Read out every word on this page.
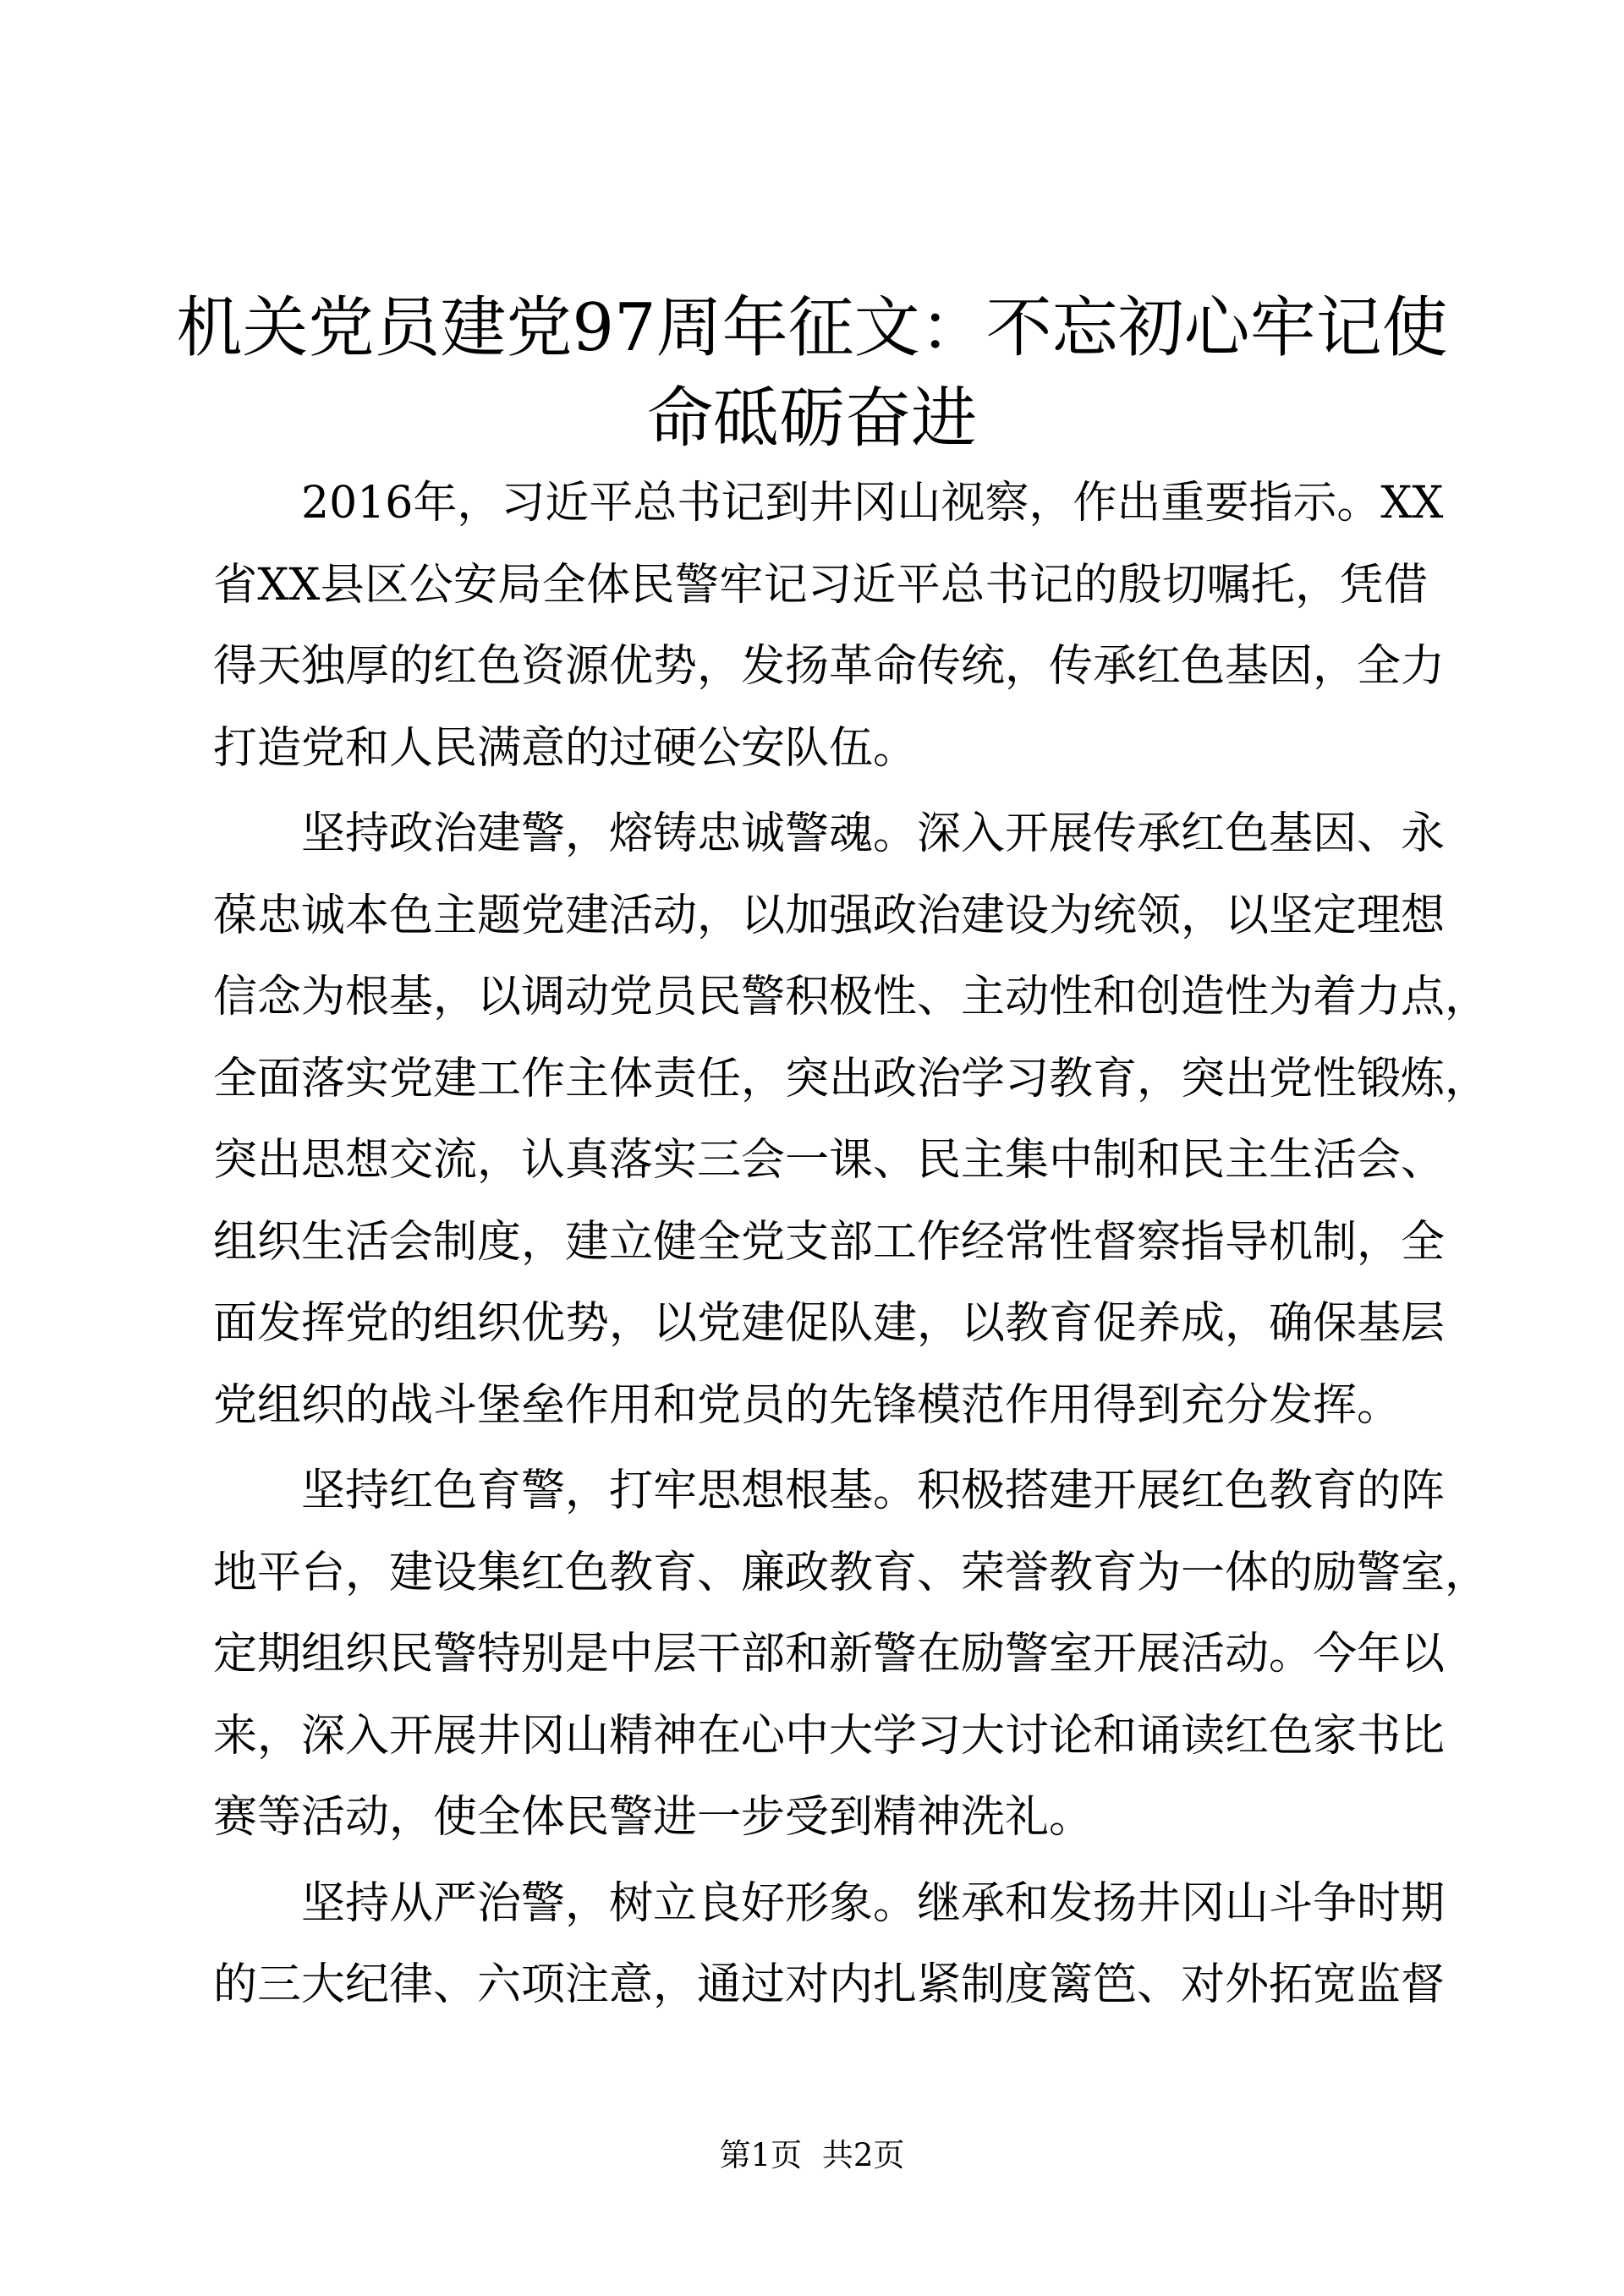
机关党员建党97周年征文：不忘初心牢记使
命砥砺奋进
2016年，习近平总书记到井冈山视察，作出重要指示。XX
省XX县区公安局全体民警牢记习近平总书记的殷切嘱托，凭借
得天独厚的红色资源优势，发扬革命传统，传承红色基因，全力
打造党和人民满意的过硬公安队伍。
坚持政治建警，熔铸忠诚警魂。深入开展传承红色基因、永
葆忠诚本色主题党建活动，以加强政治建设为统领，以坚定理想
信念为根基，以调动党员民警积极性、主动性和创造性为着力点，
全面落实党建工作主体责任，突出政治学习教育，突出党性锻炼，
突出思想交流，认真落实三会一课、民主集中制和民主生活会、
组织生活会制度，建立健全党支部工作经常性督察指导机制，全
面发挥党的组织优势，以党建促队建，以教育促养成，确保基层
党组织的战斗堡垒作用和党员的先锋模范作用得到充分发挥。
坚持红色育警，打牢思想根基。积极搭建开展红色教育的阵
地平台，建设集红色教育、廉政教育、荣誉教育为一体的励警室，
定期组织民警特别是中层干部和新警在励警室开展活动。今年以
来，深入开展井冈山精神在心中大学习大讨论和诵读红色家书比
赛等活动，使全体民警进一步受到精神洗礼。
坚持从严治警，树立良好形象。继承和发扬井冈山斗争时期
的三大纪律、六项注意，通过对内扎紧制度篱笆、对外拓宽监督
第1页 共2页
